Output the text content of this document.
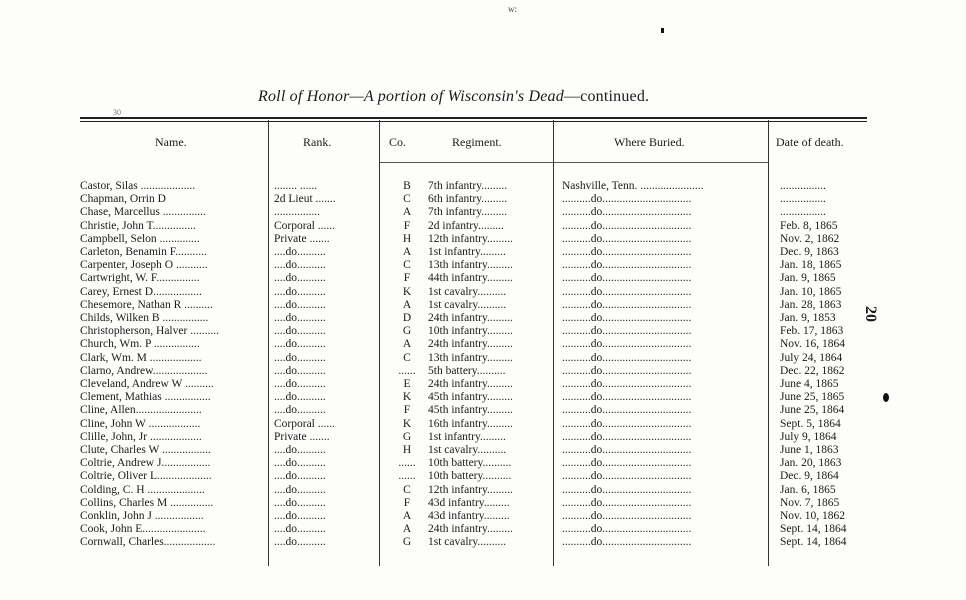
w:
30
20
Roll of Honor—A portion of Wisconsin's Dead—continued.
Name.	Rank.	Co.	Regiment.	Where Buried.	Date of death.
Castor, Silas ...................	........ ......	B	7th infantry.........	Nashville, Tenn. ......................	................
Chapman, Orrin D	2d Lieut .......	C	6th infantry.........	..........do...............................	................
Chase, Marcellus ...............	................	A	7th infantry.........	..........do...............................	................
Christie, John T...............	Corporal ......	F	2d infantry.........	..........do...............................	Feb. 8, 1865
Campbell, Selon ..............	Private .......	H	12th infantry.........	..........do...............................	Nov. 2, 1862
Carleton, Benamin F...........	....do..........	A	1st infantry.........	..........do...............................	Dec. 9, 1863
Carpenter, Joseph O ...........	....do..........	C	13th infantry.........	..........do...............................	Jan. 18, 1865
Cartwright, W. F...............	....do..........	F	44th infantry.........	..........do...............................	Jan. 9, 1865
Carey, Ernest D.................	....do..........	K	1st cavalry..........	..........do...............................	Jan. 10, 1865
Chesemore, Nathan R ..........	....do..........	A	1st cavalry..........	..........do...............................	Jan. 28, 1863
Childs, Wilken B ................	....do..........	D	24th infantry.........	..........do...............................	Jan. 9, 1853
Christopherson, Halver ..........	....do..........	G	10th infantry.........	..........do...............................	Feb. 17, 1863
Church, Wm. P ................	....do..........	A	24th infantry.........	..........do...............................	Nov. 16, 1864
Clark, Wm. M ..................	....do..........	C	13th infantry.........	..........do...............................	July 24, 1864
Clarno, Andrew...................	....do..........	......	5th battery..........	..........do...............................	Dec. 22, 1862
Cleveland, Andrew W ..........	....do..........	E	24th infantry.........	..........do...............................	June 4, 1865
Clement, Mathias ................	....do..........	K	45th infantry.........	..........do...............................	June 25, 1865
Cline, Allen.......................	....do..........	F	45th infantry.........	..........do...............................	June 25, 1864
Cline, John W ..................	Corporal ......	K	16th infantry.........	..........do...............................	Sept. 5, 1864
Clille, John, Jr ..................	Private .......	G	1st infantry.........	..........do...............................	July 9, 1864
Clute, Charles W .................	....do..........	H	1st cavalry..........	..........do...............................	June 1, 1863
Coltrie, Andrew J.................	....do..........	......	10th battery..........	..........do...............................	Jan. 20, 1863
Coltrie, Oliver L...................	....do..........	......	10th battery..........	..........do...............................	Dec. 9, 1864
Colding, C. H ....................	....do..........	C	12th infantry.........	..........do...............................	Jan. 6, 1865
Collins, Charles M ...............	....do..........	F	43d infantry.........	..........do...............................	Nov. 7, 1865
Conklin, John J .................	....do..........	A	43d infantry.........	..........do...............................	Nov. 10, 1862
Cook, John E......................	....do..........	A	24th infantry.........	..........do...............................	Sept. 14, 1864
Cornwall, Charles..................	....do..........	G	1st cavalry..........	..........do...............................	Sept. 14, 1864
